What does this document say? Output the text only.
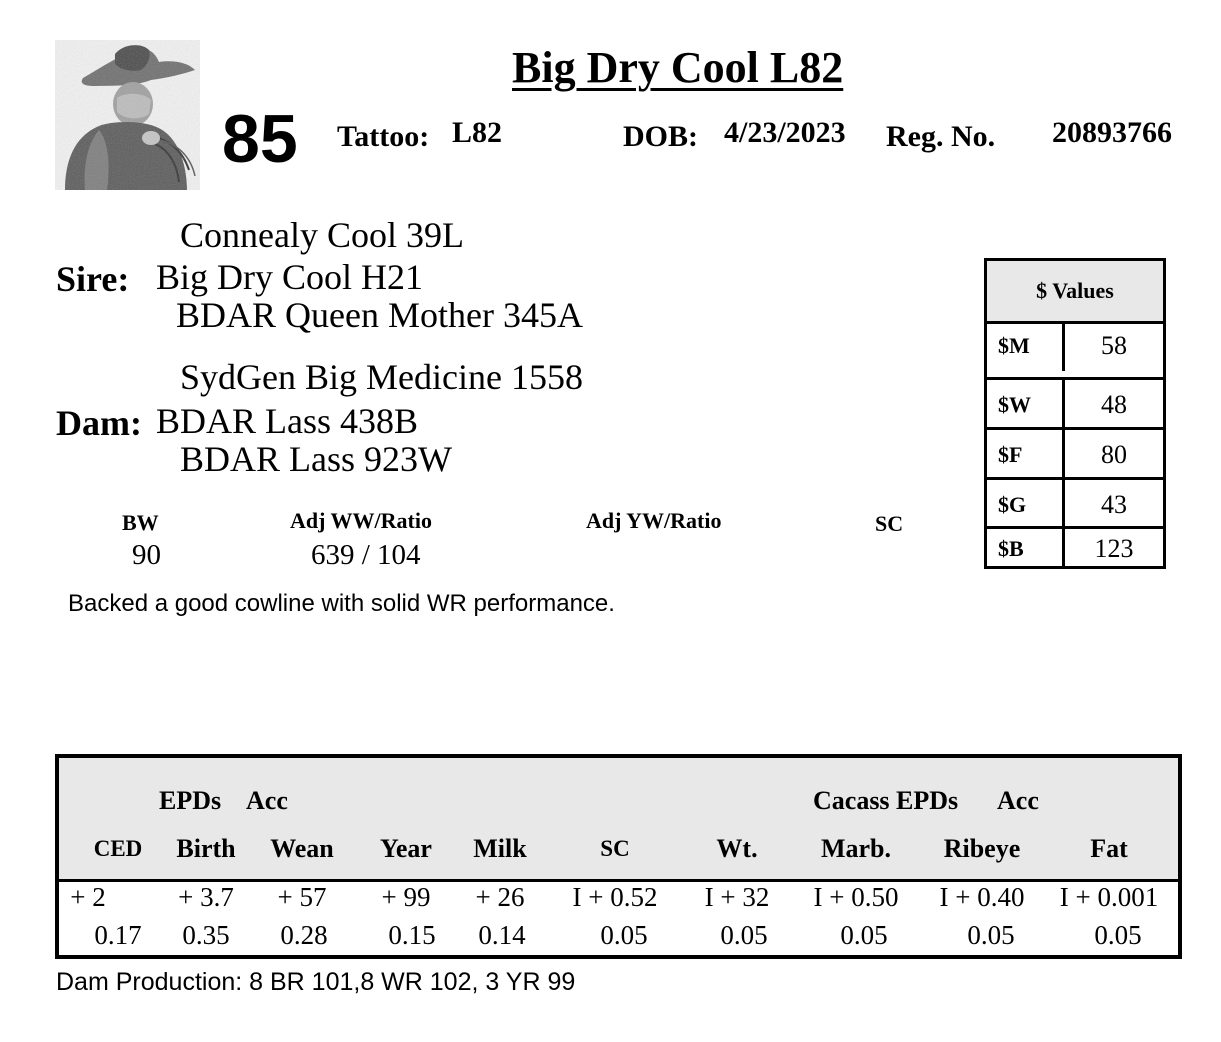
Big Dry Cool L82
85 Tattoo: L82	DOB: 4/23/2023 Reg. No. 20893766
Connealy Cool 39L
Sire: Big Dry Cool H21
BDAR Queen Mother 345A
SydGen Big Medicine 1558
Dam: BDAR Lass 438B
BDAR Lass 923W
BW	Adj WW/Ratio	Adj YW/Ratio	SC
90	639 / 104
Backed a good cowline with solid WR performance.
$ Values
$M	58
$W	48
$F	80
$G	43
$B	123
EPDs Acc	Cacass EPDs Acc
CED	Birth	Wean	Year	Milk	SC	Wt.	Marb.	Ribeye	Fat
+ 2	+ 3.7	+ 57	+ 99	+ 26	I + 0.52	I + 32	I + 0.50	I + 0.40	I + 0.001
0.17	0.35	0.28	0.15	0.14	0.05	0.05	0.05	0.05	0.05
Dam Production: 8 BR 101,8 WR 102, 3 YR 99
